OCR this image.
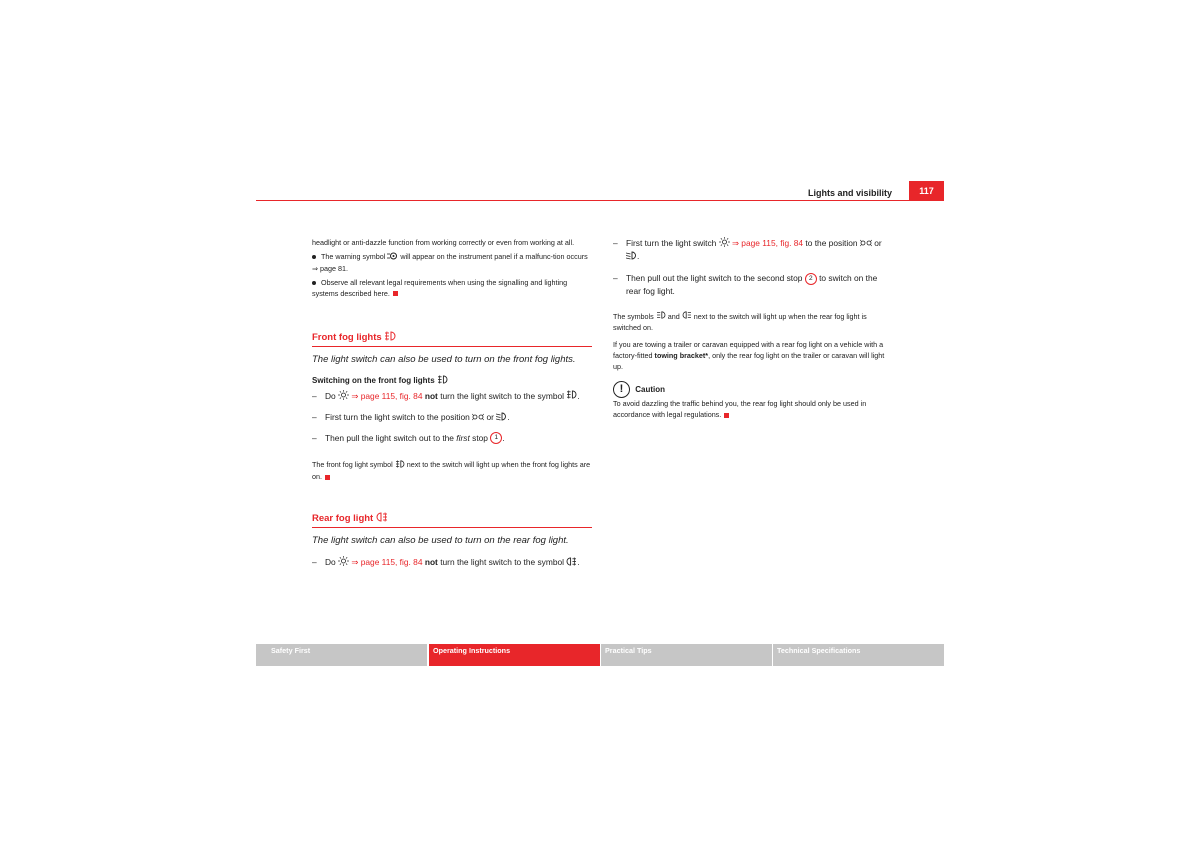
Lights and visibility	117

headlight or anti-dazzle function from working correctly or even from working at all.

The warning symbol will appear on the instrument panel if a malfunc-tion occurs ⇒ page 81.

Observe all relevant legal requirements when using the signalling and lighting systems described here.

Front fog lights

The light switch can also be used to turn on the front fog lights.

Switching on the front fog lights

– Do ⇒ page 115, fig. 84 not turn the light switch to the symbol .
– First turn the light switch to the position or .
– Then pull the light switch out to the first stop 1 .

The front fog light symbol next to the switch will light up when the front fog lights are on.

Rear fog light

The light switch can also be used to turn on the rear fog light.

– Do ⇒ page 115, fig. 84 not turn the light switch to the symbol .
– First turn the light switch ⇒ page 115, fig. 84 to the position or .
– Then pull out the light switch to the second stop 2 to switch on the rear fog light.

The symbols and next to the switch will light up when the rear fog light is switched on.

If you are towing a trailer or caravan equipped with a rear fog light on a vehicle with a factory-fitted towing bracket*, only the rear fog light on the trailer or caravan will light up.

! Caution

To avoid dazzling the traffic behind you, the rear fog light should only be used in accordance with legal regulations.

Safety First	Operating Instructions	Practical Tips	Technical Specifications
